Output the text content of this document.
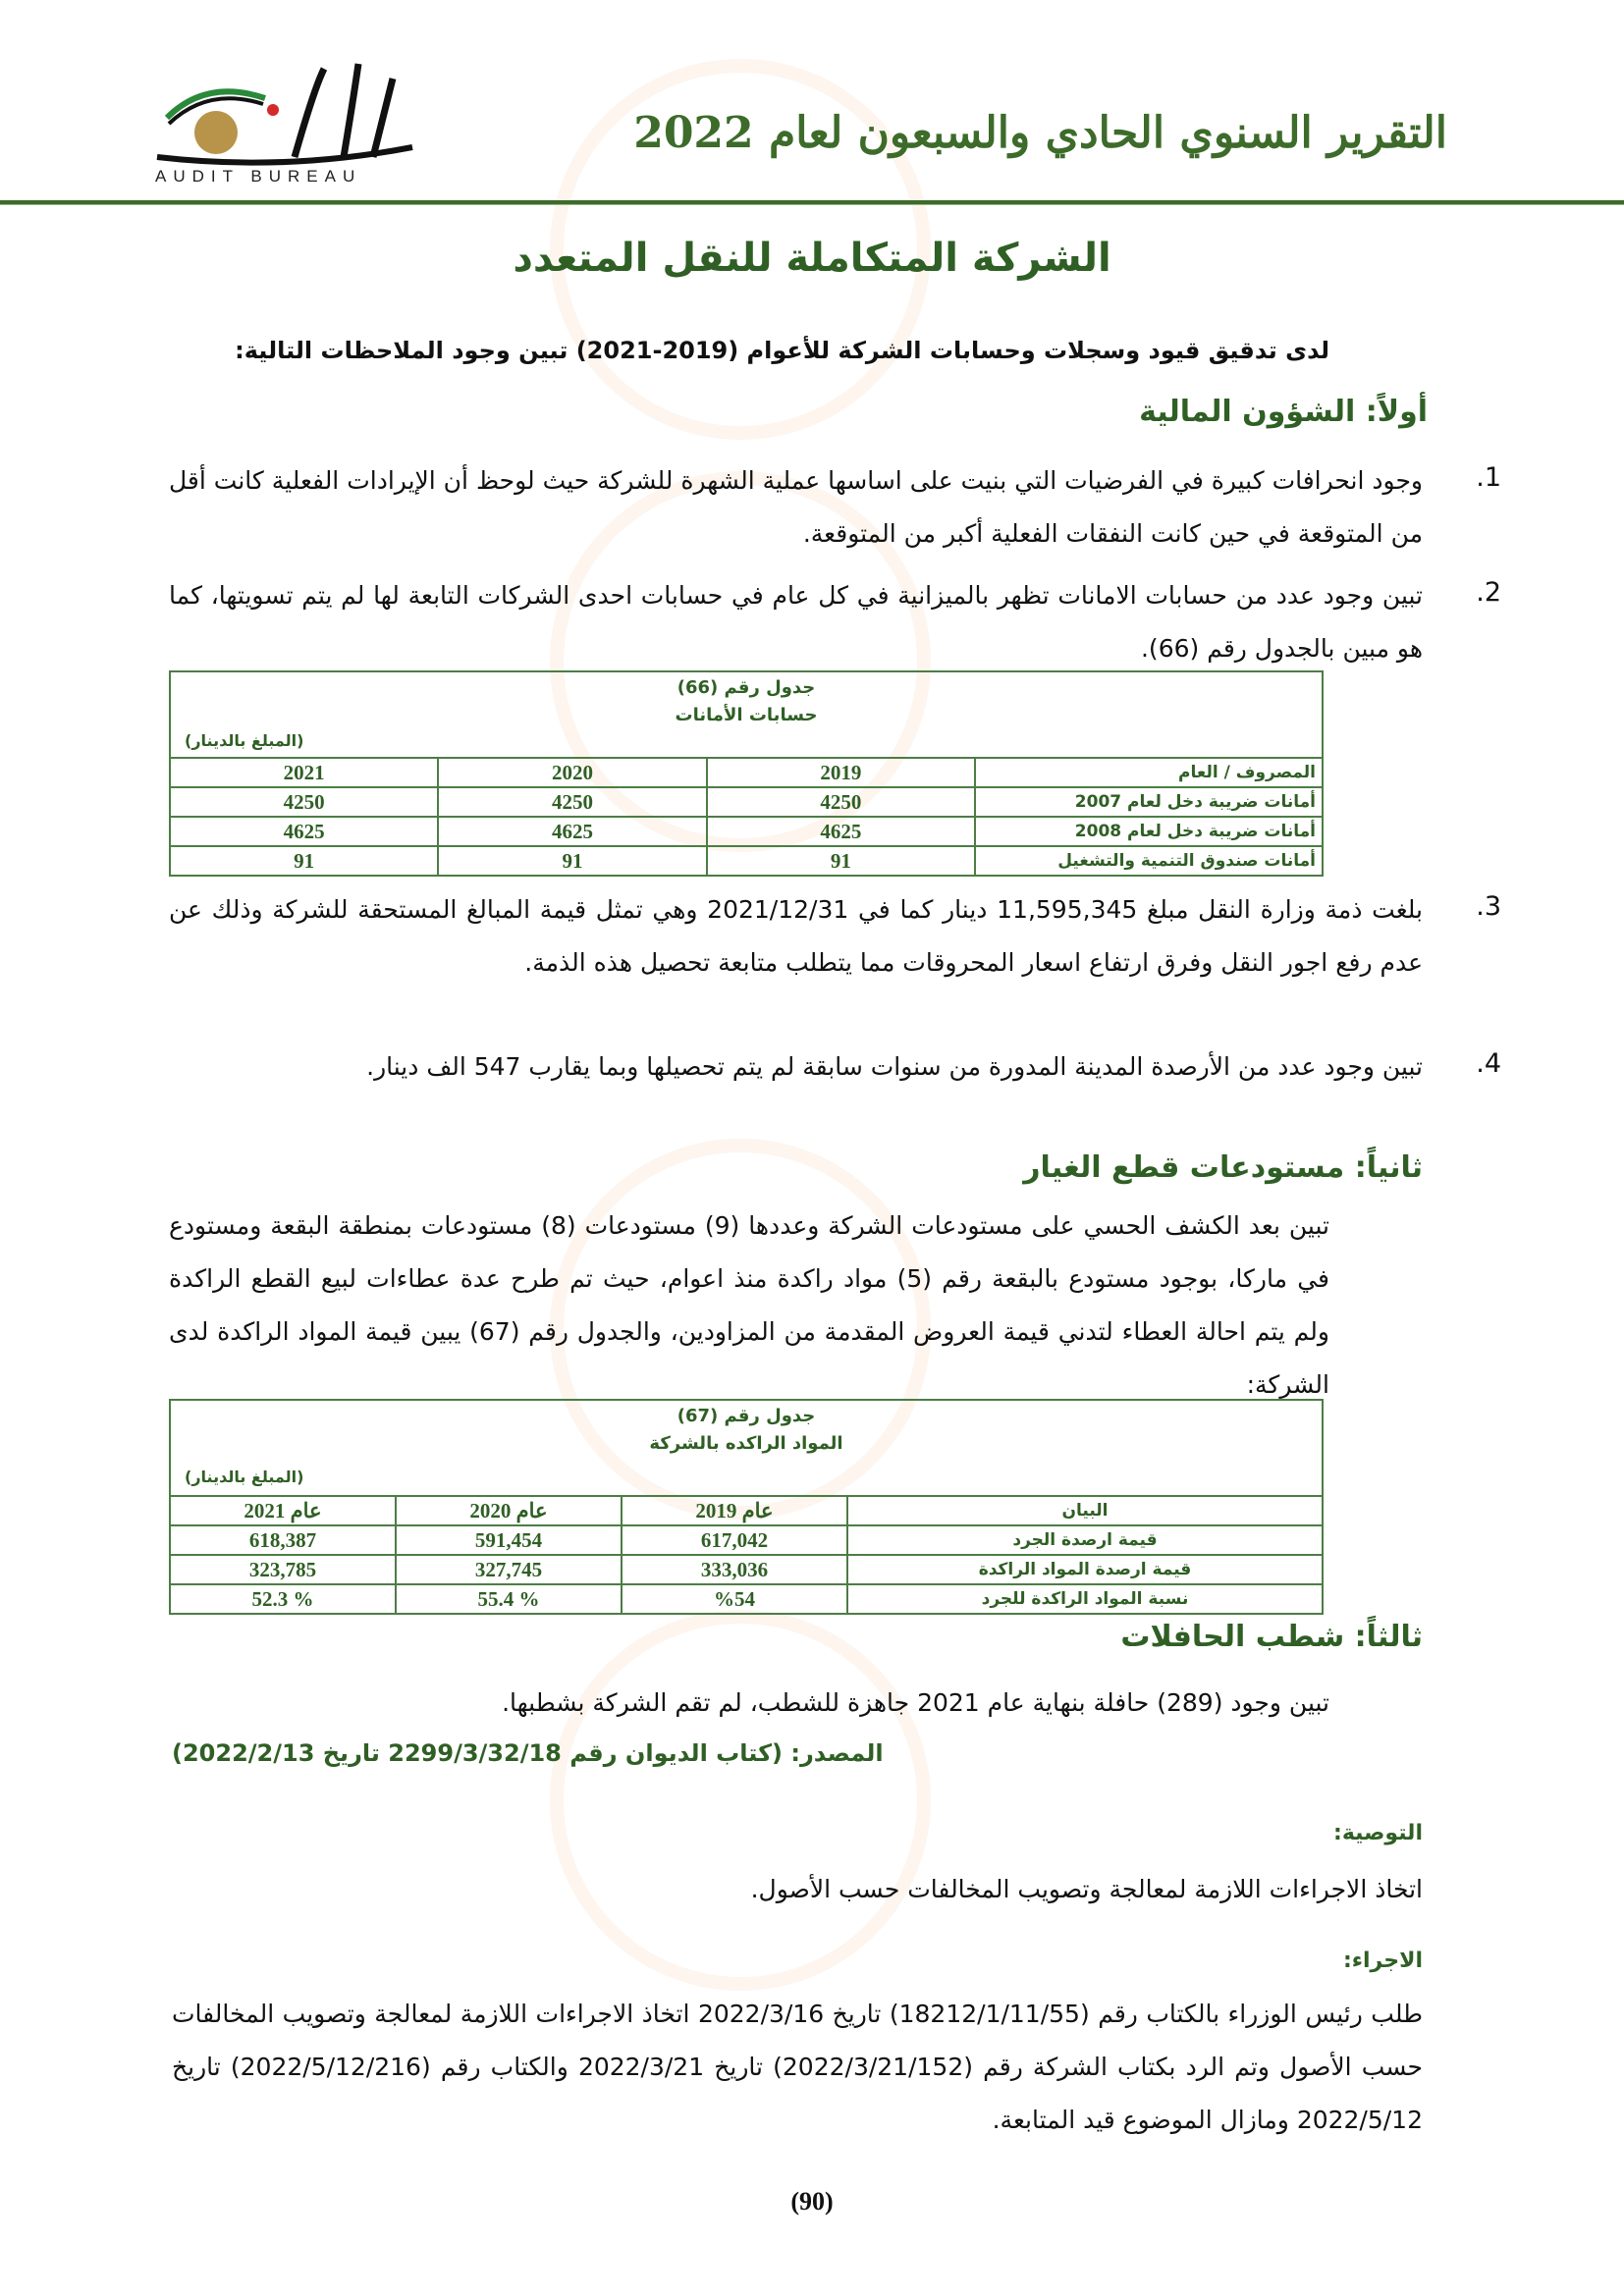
AUDIT BUREAU
التقرير السنوي الحادي والسبعون لعام 2022
الشركة المتكاملة للنقل المتعدد
لدى تدقيق قيود وسجلات وحسابات الشركة للأعوام (2019-2021) تبين وجود الملاحظات التالية:
أولاً: الشؤون المالية
1.
وجود انحرافات كبيرة في الفرضيات التي بنيت على اساسها عملية الشهرة للشركة حيث لوحظ أن الإيرادات الفعلية كانت أقل من المتوقعة في حين كانت النفقات الفعلية أكبر من المتوقعة.
2.
تبين وجود عدد من حسابات الامانات تظهر بالميزانية في كل عام في حسابات احدى الشركات التابعة لها لم يتم تسويتها، كما هو مبين بالجدول رقم (66).
جدول رقم (66)
حسابات الأمانات
(المبلغ بالدينار)
المصروف / العام	2019	2020	2021
أمانات ضريبة دخل لعام 2007	4250	4250	4250
أمانات ضريبة دخل لعام 2008	4625	4625	4625
أمانات صندوق التنمية والتشغيل	91	91	91
3.
بلغت ذمة وزارة النقل مبلغ 11,595,345 دينار كما في 2021/12/31 وهي تمثل قيمة المبالغ المستحقة للشركة وذلك عن عدم رفع اجور النقل وفرق ارتفاع اسعار المحروقات مما يتطلب متابعة تحصيل هذه الذمة.
4.
تبين وجود عدد من الأرصدة المدينة المدورة من سنوات سابقة لم يتم تحصيلها وبما يقارب 547 الف دينار.
ثانياً: مستودعات قطع الغيار
تبين بعد الكشف الحسي على مستودعات الشركة وعددها (9) مستودعات (8) مستودعات بمنطقة البقعة ومستودع في ماركا، بوجود مستودع بالبقعة رقم (5) مواد راكدة منذ اعوام، حيث تم طرح عدة عطاءات لبيع القطع الراكدة ولم يتم احالة العطاء لتدني قيمة العروض المقدمة من المزاودين، والجدول رقم (67) يبين قيمة المواد الراكدة لدى الشركة:
جدول رقم (67)
المواد الراكده بالشركة
(المبلغ بالدينار)
البيان	عام 2019	عام 2020	عام 2021
قيمة ارصدة الجرد	617,042	591,454	618,387
قيمة ارصدة المواد الراكدة	333,036	327,745	323,785
نسبة المواد الراكدة للجرد	%54	% 55.4	% 52.3
ثالثاً: شطب الحافلات
تبين وجود (289) حافلة بنهاية عام 2021 جاهزة للشطب، لم تقم الشركة بشطبها.
المصدر: (كتاب الديوان رقم 2299/3/32/18 تاريخ 2022/2/13)
التوصية:
اتخاذ الاجراءات اللازمة لمعالجة وتصويب المخالفات حسب الأصول.
الاجراء:
طلب رئيس الوزراء بالكتاب رقم (18212/1/11/55) تاريخ 2022/3/16 اتخاذ الاجراءات اللازمة لمعالجة وتصويب المخالفات حسب الأصول وتم الرد بكتاب الشركة رقم (2022/3/21/152) تاريخ 2022/3/21 والكتاب رقم (2022/5/12/216) تاريخ 2022/5/12 ومازال الموضوع قيد المتابعة.
(90)
